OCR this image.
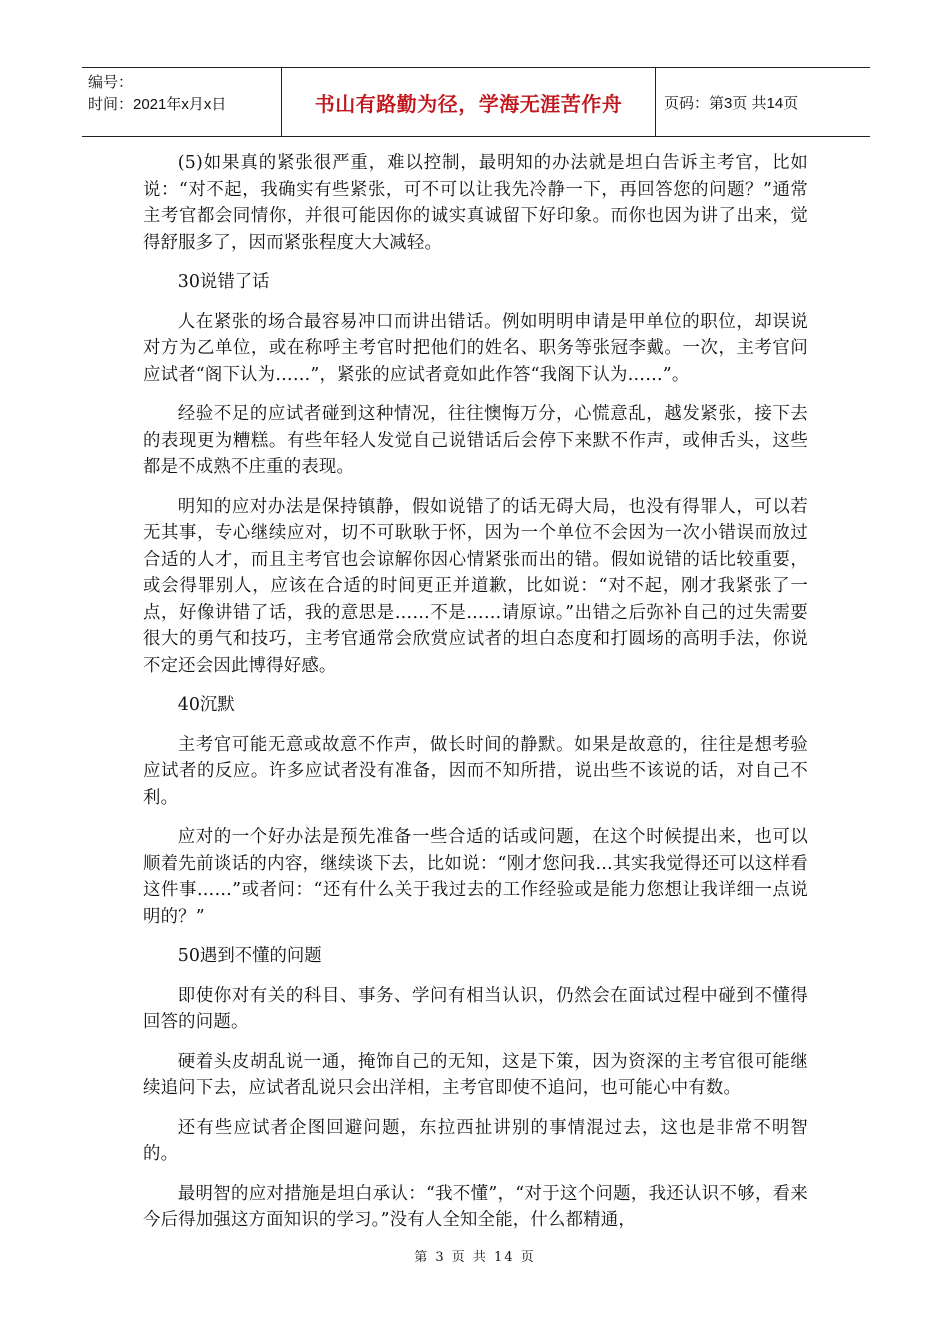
编号：
时间：2021年x月x日	书山有路勤为径，学海无涯苦作舟	页码：第3页 共14页

(5)如果真的紧张很严重，难以控制，最明知的办法就是坦白告诉主考官，比如说：“对不起，我确实有些紧张，可不可以让我先冷静一下，再回答您的问题？”通常主考官都会同情你，并很可能因你的诚实真诚留下好印象。而你也因为讲了出来，觉得舒服多了，因而紧张程度大大减轻。

30说错了话

人在紧张的场合最容易冲口而讲出错话。例如明明申请是甲单位的职位，却误说对方为乙单位，或在称呼主考官时把他们的姓名、职务等张冠李戴。一次，主考官问应试者“阁下认为……”，紧张的应试者竟如此作答“我阁下认为……”。

经验不足的应试者碰到这种情况，往往懊悔万分，心慌意乱，越发紧张，接下去的表现更为糟糕。有些年轻人发觉自己说错话后会停下来默不作声，或伸舌头，这些都是不成熟不庄重的表现。

明知的应对办法是保持镇静，假如说错了的话无碍大局，也没有得罪人，可以若无其事，专心继续应对，切不可耿耿于怀，因为一个单位不会因为一次小错误而放过合适的人才，而且主考官也会谅解你因心情紧张而出的错。假如说错的话比较重要，或会得罪别人，应该在合适的时间更正并道歉，比如说：“对不起，刚才我紧张了一点，好像讲错了话，我的意思是……不是……请原谅。”出错之后弥补自己的过失需要很大的勇气和技巧，主考官通常会欣赏应试者的坦白态度和打圆场的高明手法，你说不定还会因此博得好感。

40沉默

主考官可能无意或故意不作声，做长时间的静默。如果是故意的，往往是想考验应试者的反应。许多应试者没有准备，因而不知所措，说出些不该说的话，对自己不利。

应对的一个好办法是预先准备一些合适的话或问题，在这个时候提出来，也可以顺着先前谈话的内容，继续谈下去，比如说：“刚才您问我…其实我觉得还可以这样看这件事……”或者问：“还有什么关于我过去的工作经验或是能力您想让我详细一点说明的？”

50遇到不懂的问题

即使你对有关的科目、事务、学问有相当认识，仍然会在面试过程中碰到不懂得回答的问题。

硬着头皮胡乱说一通，掩饰自己的无知，这是下策，因为资深的主考官很可能继续追问下去，应试者乱说只会出洋相，主考官即使不追问，也可能心中有数。

还有些应试者企图回避问题，东拉西扯讲别的事情混过去，这也是非常不明智的。

最明智的应对措施是坦白承认：“我不懂”，“对于这个问题，我还认识不够，看来今后得加强这方面知识的学习。”没有人全知全能，什么都精通，

第 3 页 共 14 页
